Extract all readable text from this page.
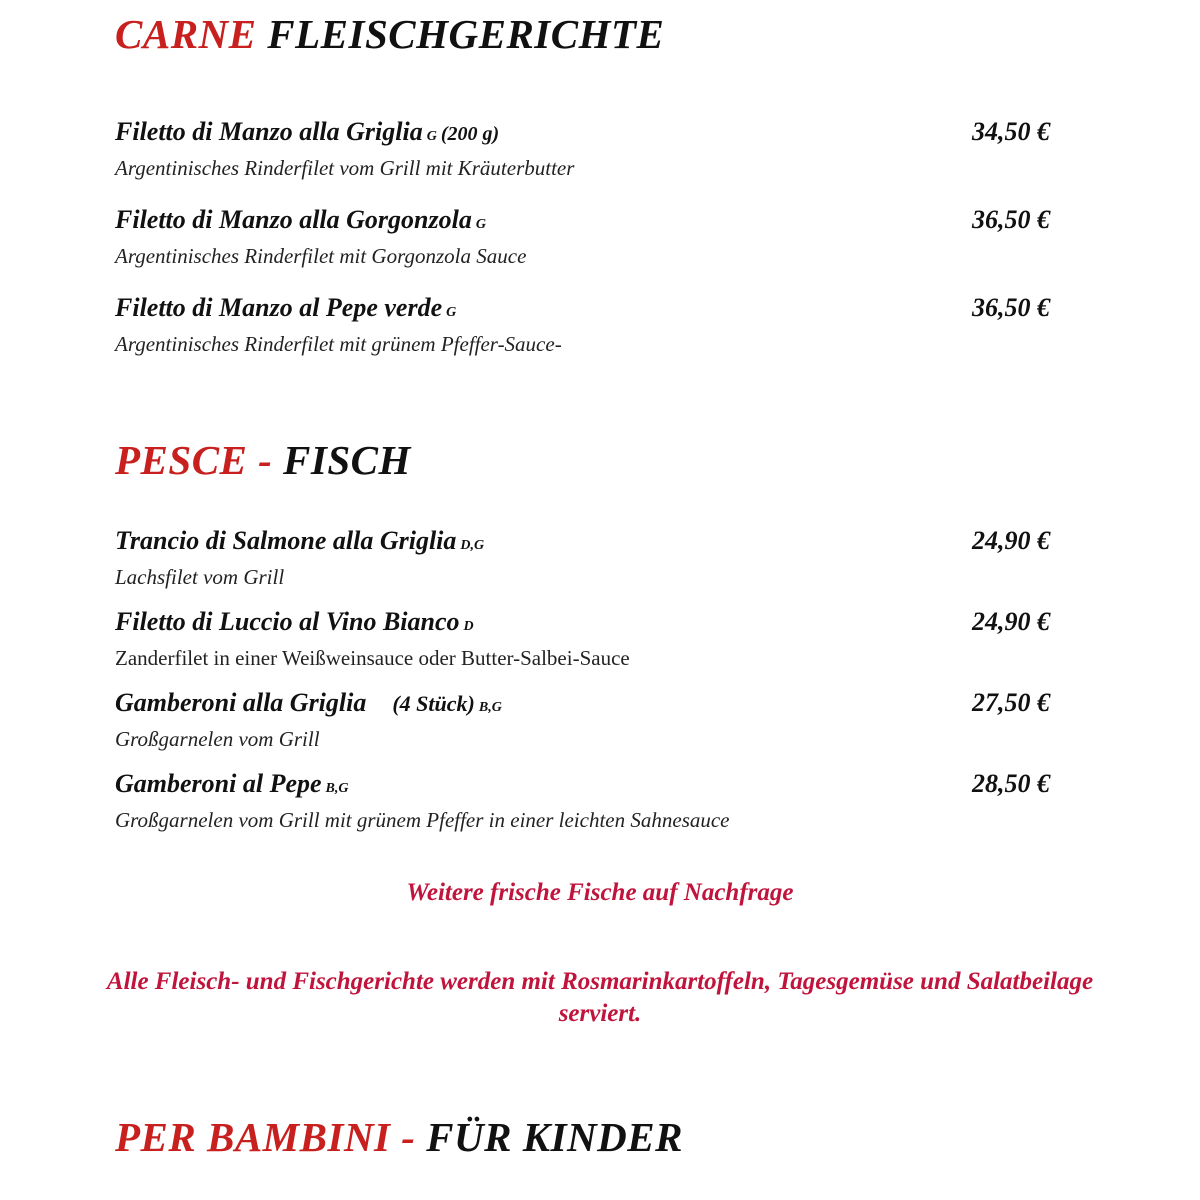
CARNE FLEISCHGERICHTE
Filetto di Manzo alla Griglia G (200 g)
Argentinisches Rinderfilet vom Grill mit Kräuterbutter
34,50 €
Filetto di Manzo alla Gorgonzola G
Argentinisches Rinderfilet mit Gorgonzola Sauce
36,50 €
Filetto di Manzo al Pepe verde G
Argentinisches Rinderfilet mit grünem Pfeffer-Sauce-
36,50 €
PESCE - FISCH
Trancio di Salmone alla Griglia D,G
Lachsfilet vom Grill
24,90 €
Filetto di Luccio al Vino Bianco D
Zanderfilet in einer Weißweinsauce oder Butter-Salbei-Sauce
24,90 €
Gamberoni alla Griglia (4 Stück) B,G
Großgarnelen vom Grill
27,50 €
Gamberoni al Pepe B,G
Großgarnelen vom Grill mit grünem Pfeffer in einer leichten Sahnesauce
28,50 €
Weitere frische Fische auf Nachfrage
Alle Fleisch- und Fischgerichte werden mit Rosmarinkartoffeln, Tagesgemüse und Salatbeilage serviert.
PER BAMBINI - FÜR KINDER
